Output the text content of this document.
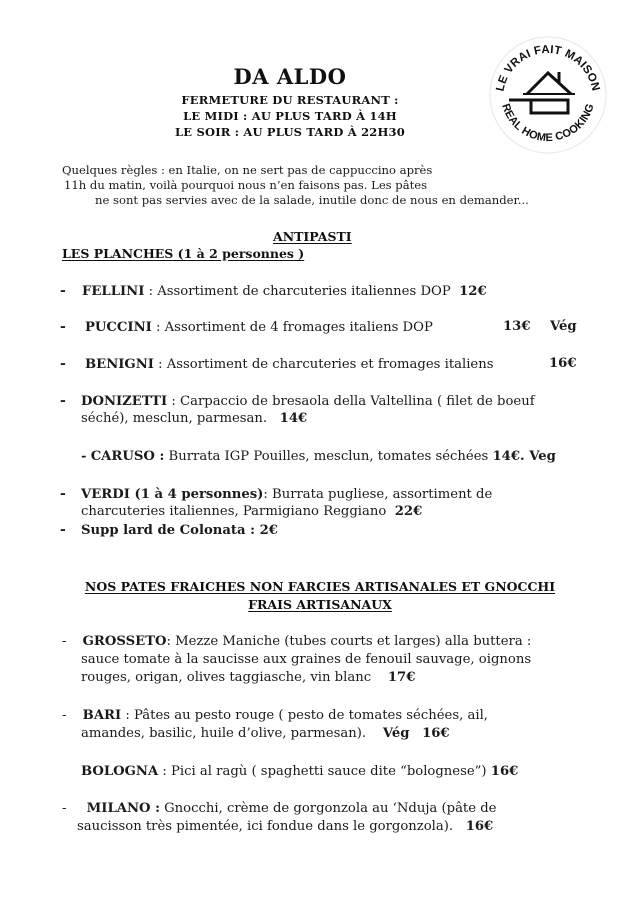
DA ALDO
FERMETURE DU RESTAURANT :
LE MIDI : AU PLUS TARD À 14H
LE SOIR : AU PLUS TARD À 22H30
LE VRAI FAIT MAISON
REAL HOME COOKING
Quelques règles : en Italie, on ne sert pas de cappuccino après
11h du matin, voilà pourquoi nous n’en faisons pas. Les pâtes
ne sont pas servies avec de la salade, inutile donc de nous en demander...
ANTIPASTI
LES PLANCHES (1 à 2 personnes )
- FELLINI : Assortiment de charcuteries italiennes DOP 12€
- PUCCINI : Assortiment de 4 fromages italiens DOP	13€ Vég
- BENIGNI : Assortiment de charcuteries et fromages italiens	16€
- DONIZETTI : Carpaccio de bresaola della Valtellina ( filet de boeuf
séché), mesclun, parmesan. 14€
- CARUSO : Burrata IGP Pouilles, mesclun, tomates séchées 14€. Veg
- VERDI (1 à 4 personnes): Burrata pugliese, assortiment de
charcuteries italiennes, Parmigiano Reggiano 22€
- Supp lard de Colonata : 2€
NOS PATES FRAICHES NON FARCIES ARTISANALES ET GNOCCHI
FRAIS ARTISANAUX
- GROSSETO: Mezze Maniche (tubes courts et larges) alla buttera :
sauce tomate à la saucisse aux graines de fenouil sauvage, oignons
rouges, origan, olives taggiasche, vin blanc 17€
- BARI : Pâtes au pesto rouge ( pesto de tomates séchées, ail,
amandes, basilic, huile d’olive, parmesan). Vég 16€
BOLOGNA : Pici al ragù ( spaghetti sauce dite “bolognese”) 16€
- MILANO : Gnocchi, crème de gorgonzola au ‘Nduja (pâte de
saucisson très pimentée, ici fondue dans le gorgonzola). 16€
